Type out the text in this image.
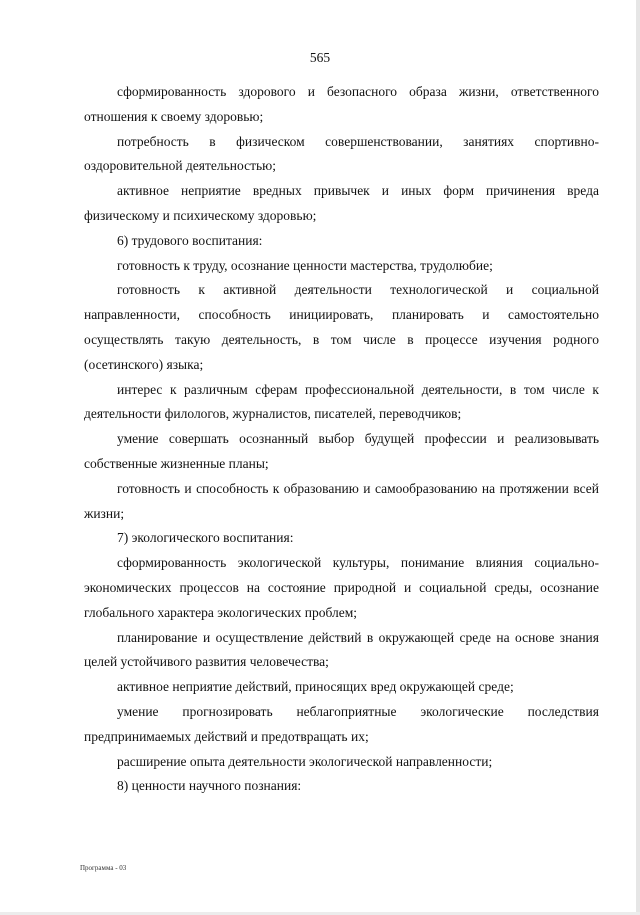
565

сформированность здорового и безопасного образа жизни, ответственного отношения к своему здоровью;

потребность в физическом совершенствовании, занятиях спортивно-оздоровительной деятельностью;

активное неприятие вредных привычек и иных форм причинения вреда физическому и психическому здоровью;

6) трудового воспитания:

готовность к труду, осознание ценности мастерства, трудолюбие;

готовность к активной деятельности технологической и социальной направленности, способность инициировать, планировать и самостоятельно осуществлять такую деятельность, в том числе в процессе изучения родного (осетинского) языка;

интерес к различным сферам профессиональной деятельности, в том числе к деятельности филологов, журналистов, писателей, переводчиков;

умение совершать осознанный выбор будущей профессии и реализовывать собственные жизненные планы;

готовность и способность к образованию и самообразованию на протяжении всей жизни;

7) экологического воспитания:

сформированность экологической культуры, понимание влияния социально-экономических процессов на состояние природной и социальной среды, осознание глобального характера экологических проблем;

планирование и осуществление действий в окружающей среде на основе знания целей устойчивого развития человечества;

активное неприятие действий, приносящих вред окружающей среде;

умение прогнозировать неблагоприятные экологические последствия предпринимаемых действий и предотвращать их;

расширение опыта деятельности экологической направленности;

8) ценности научного познания:

Программа - 03
